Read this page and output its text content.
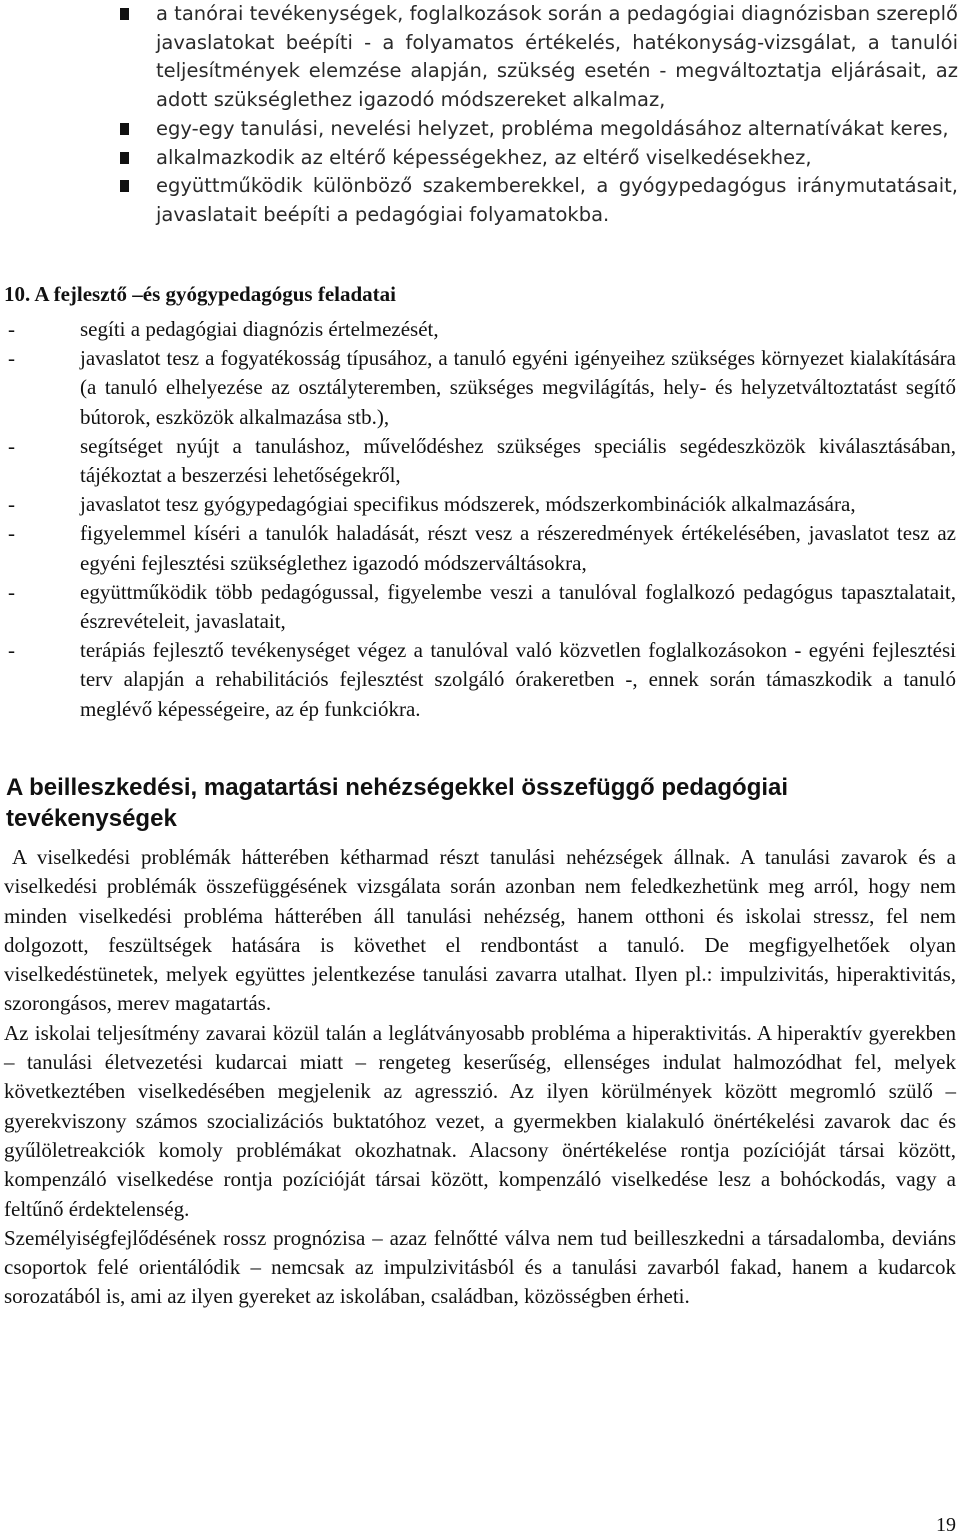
a tanórai tevékenységek, foglalkozások során a pedagógiai diagnózisban szereplő javaslatokat beépíti - a folyamatos értékelés, hatékonyság-vizsgálat, a tanulói teljesítmények elemzése alapján, szükség esetén - megváltoztatja eljárásait, az adott szükséglethez igazodó módszereket alkalmaz,
egy-egy tanulási, nevelési helyzet, probléma megoldásához alternatívákat keres,
alkalmazkodik az eltérő képességekhez, az eltérő viselkedésekhez,
együttműködik különböző szakemberekkel, a gyógypedagógus iránymutatásait, javaslatait beépíti a pedagógiai folyamatokba.
10. A fejlesztő –és gyógypedagógus feladatai
-	segíti a pedagógiai diagnózis értelmezését,
-	javaslatot tesz a fogyatékosság típusához, a tanuló egyéni igényeihez szükséges környezet kialakítására (a tanuló elhelyezése az osztályteremben, szükséges megvilágítás, hely- és helyzetváltoztatást segítő bútorok, eszközök alkalmazása stb.),
-	segítséget nyújt a tanuláshoz, művelődéshez szükséges speciális segédeszközök kiválasztásában, tájékoztat a beszerzési lehetőségekről,
-	javaslatot tesz gyógypedagógiai specifikus módszerek, módszerkombinációk alkalmazására,
-	figyelemmel kíséri a tanulók haladását, részt vesz a részeredmények értékelésében, javaslatot tesz az egyéni fejlesztési szükséglethez igazodó módszerváltásokra,
-	együttműködik több pedagógussal, figyelembe veszi a tanulóval foglalkozó pedagógus tapasztalatait, észrevételeit, javaslatait,
-	terápiás fejlesztő tevékenységet végez a tanulóval való közvetlen foglalkozásokon - egyéni fejlesztési terv alapján a rehabilitációs fejlesztést szolgáló órakeretben -, ennek során támaszkodik a tanuló meglévő képességeire, az ép funkciókra.
A beilleszkedési, magatartási nehézségekkel összefüggő pedagógiai tevékenységek

A viselkedési problémák hátterében kétharmad részt tanulási nehézségek állnak. A tanulási zavarok és a viselkedési problémák összefüggésének vizsgálata során azonban nem feledkezhetünk meg arról, hogy nem minden viselkedési probléma hátterében áll tanulási nehézség, hanem otthoni és iskolai stressz, fel nem dolgozott, feszültségek hatására is követhet el rendbontást a tanuló. De megfigyelhetőek olyan viselkedéstünetek, melyek együttes jelentkezése tanulási zavarra utalhat. Ilyen pl.: impulzivitás, hiperaktivitás, szorongásos, merev magatartás.

Az iskolai teljesítmény zavarai közül talán a leglátványosabb probléma a hiperaktivitás. A hiperaktív gyerekben – tanulási életvezetési kudarcai miatt – rengeteg keserűség, ellenséges indulat halmozódhat fel, melyek következtében viselkedésében megjelenik az agresszió. Az ilyen körülmények között megromló szülő – gyerekviszony számos szocializációs buktatóhoz vezet, a gyermekben kialakuló önértékelési zavarok dac és gyűlöletreakciók komoly problémákat okozhatnak. Alacsony önértékelése rontja pozícióját társai között, kompenzáló viselkedése rontja pozícióját társai között, kompenzáló viselkedése lesz a bohóckodás, vagy a feltűnő érdektelenség.

Személyiségfejlődésének rossz prognózisa – azaz felnőtté válva nem tud beilleszkedni a társadalomba, deviáns csoportok felé orientálódik – nemcsak az impulzivitásból és a tanulási zavarból fakad, hanem a kudarcok sorozatából is, ami az ilyen gyereket az iskolában, családban, közösségben érheti.

19
